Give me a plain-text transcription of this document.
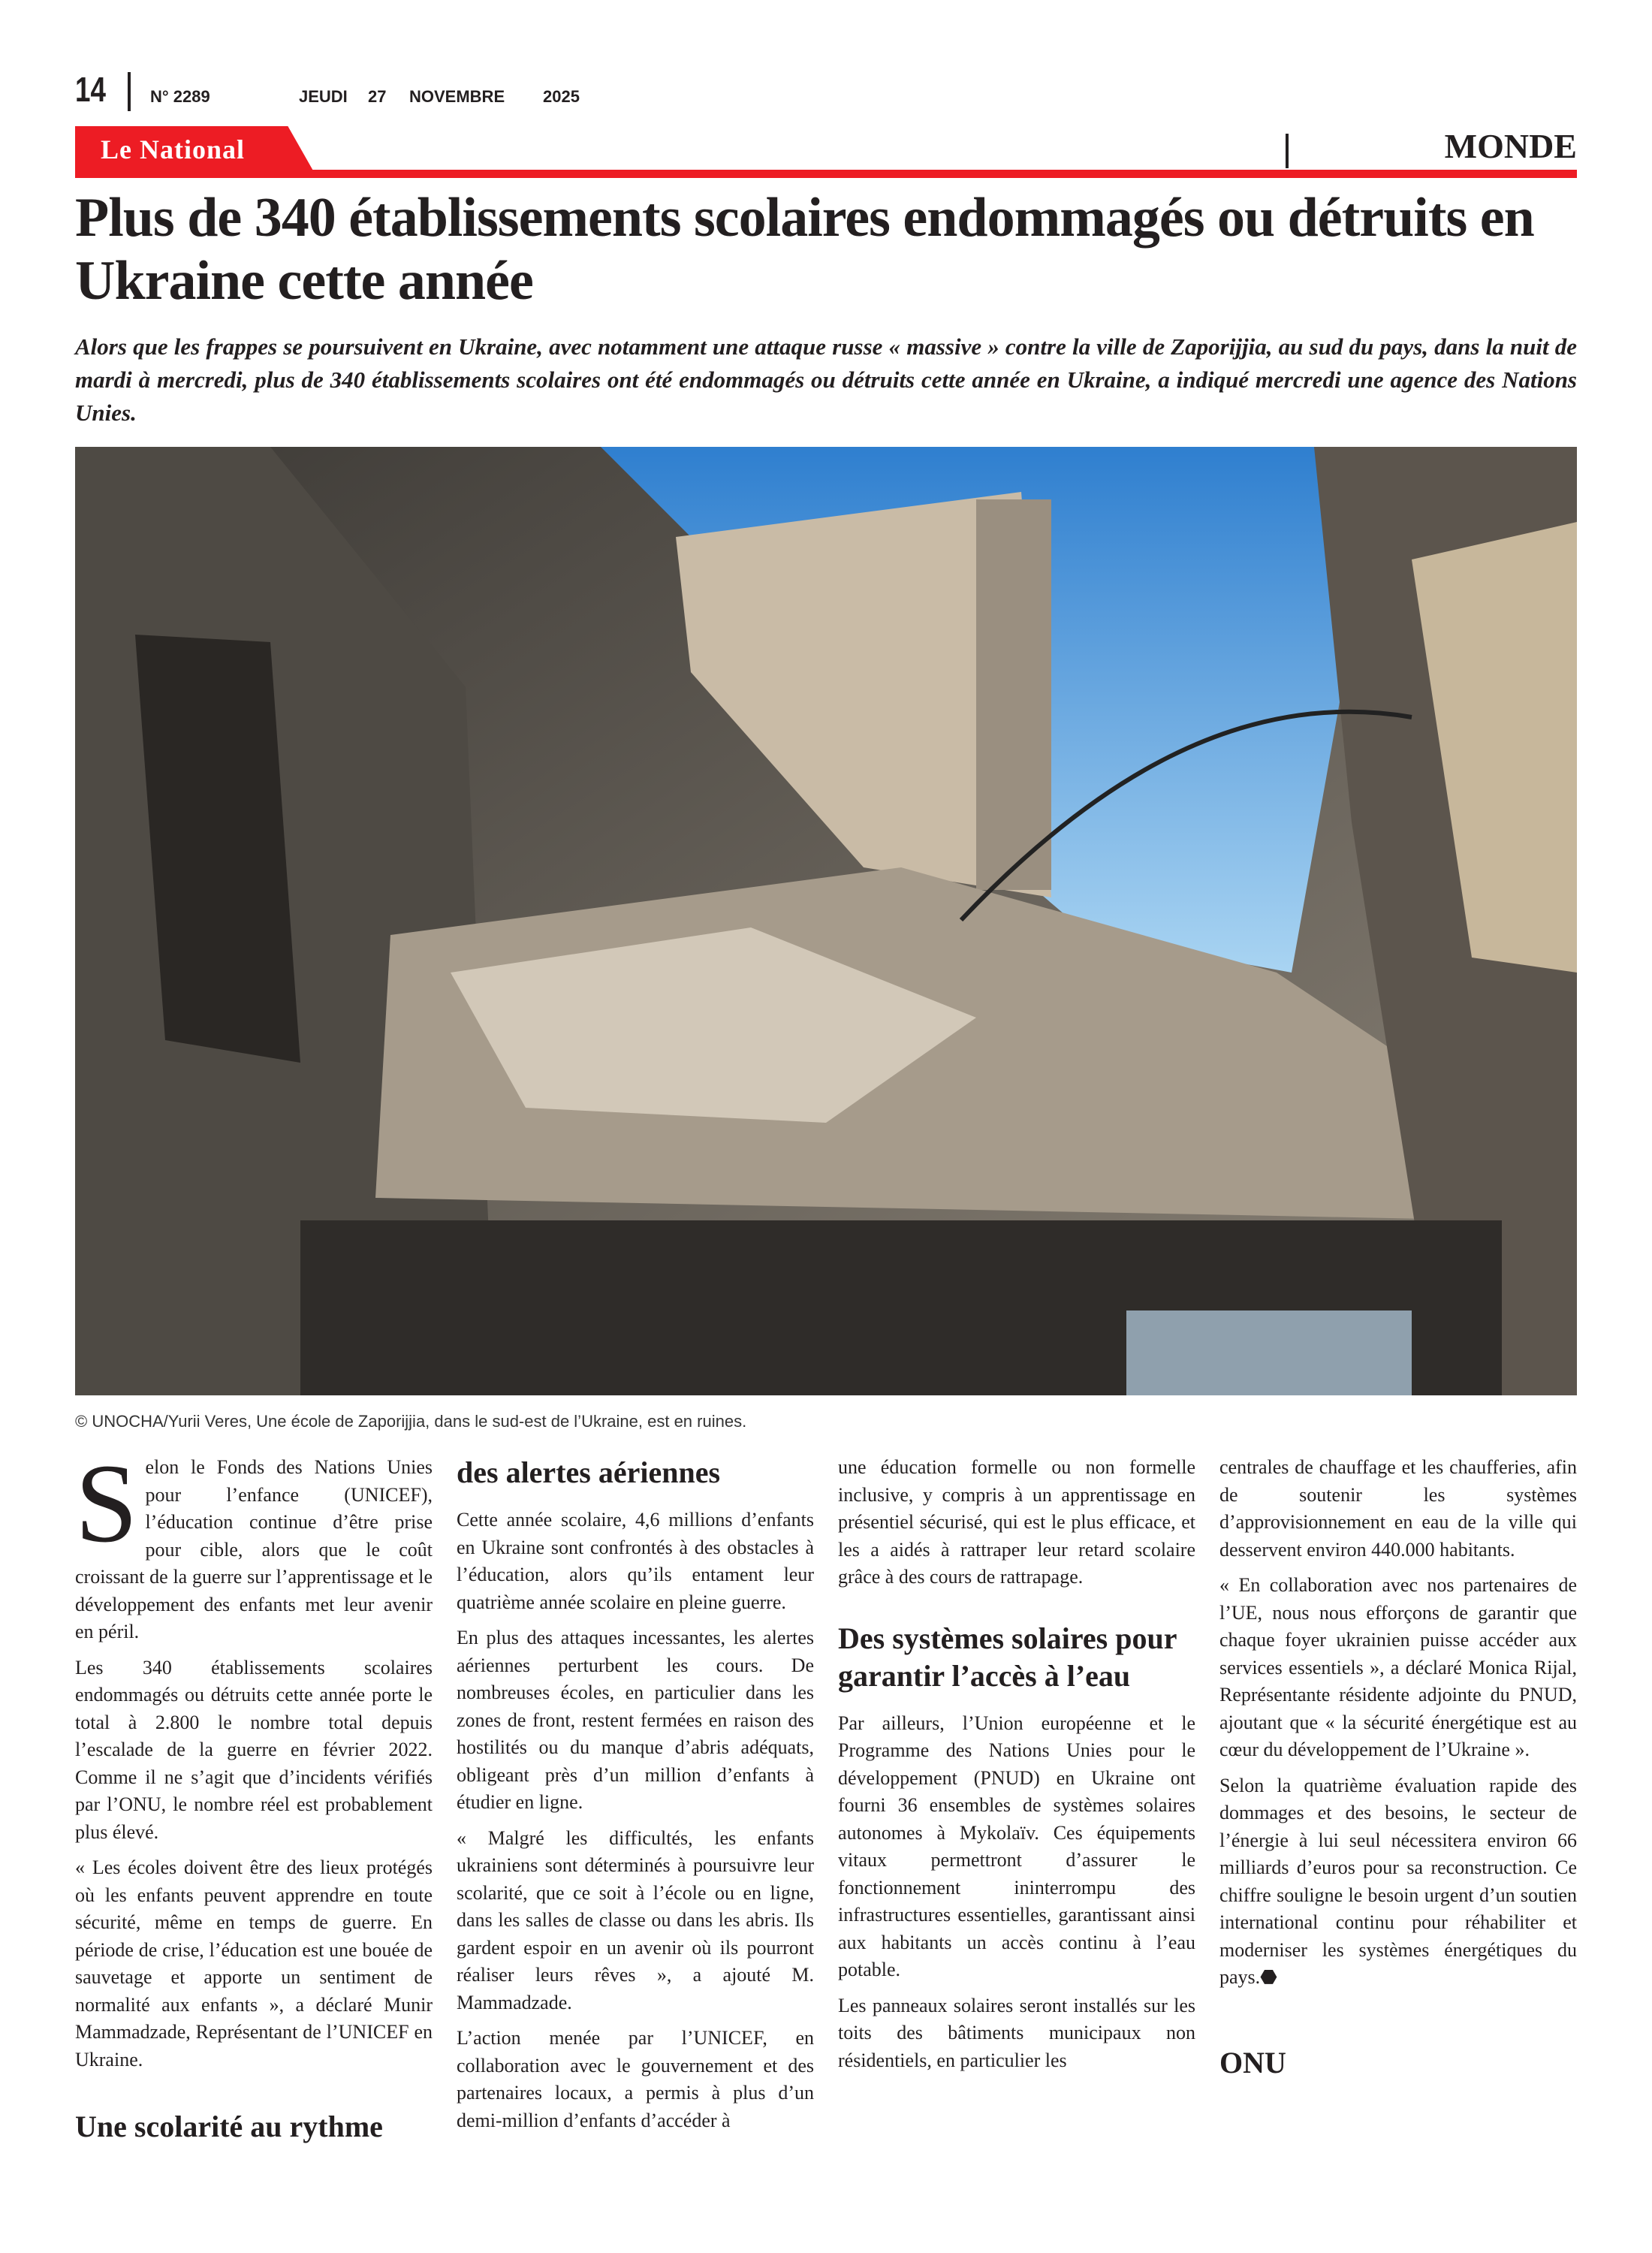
14	N° 2289	JEUDI 27 NOVEMBRE 2025
Le National	MONDE
Plus de 340 établissements scolaires endommagés ou détruits en Ukraine cette année

Alors que les frappes se poursuivent en Ukraine, avec notamment une attaque russe « massive » contre la ville de Zaporijjia, au sud du pays, dans la nuit de mardi à mercredi, plus de 340 établissements scolaires ont été endommagés ou détruits cette année en Ukraine, a indiqué mercredi une agence des Nations Unies.

© UNOCHA/Yurii Veres, Une école de Zaporijjia, dans le sud-est de l’Ukraine, est en ruines.

Selon le Fonds des Nations Unies pour l’enfance (UNICEF), l’éducation continue d’être prise pour cible, alors que le coût croissant de la guerre sur l’apprentissage et le développement des enfants met leur avenir en péril.

Les 340 établissements scolaires endommagés ou détruits cette année porte le total à 2.800 le nombre total depuis l’escalade de la guerre en février 2022. Comme il ne s’agit que d’incidents vérifiés par l’ONU, le nombre réel est probablement plus élevé.

« Les écoles doivent être des lieux protégés où les enfants peuvent apprendre en toute sécurité, même en temps de guerre. En période de crise, l’éducation est une bouée de sauvetage et apporte un sentiment de normalité aux enfants », a déclaré Munir Mammadzade, Représentant de l’UNICEF en Ukraine.

Une scolarité au rythme
des alertes aériennes

Cette année scolaire, 4,6 millions d’enfants en Ukraine sont confrontés à des obstacles à l’éducation, alors qu’ils entament leur quatrième année scolaire en pleine guerre.

En plus des attaques incessantes, les alertes aériennes perturbent les cours. De nombreuses écoles, en particulier dans les zones de front, restent fermées en raison des hostilités ou du manque d’abris adéquats, obligeant près d’un million d’enfants à étudier en ligne.

« Malgré les difficultés, les enfants ukrainiens sont déterminés à poursuivre leur scolarité, que ce soit à l’école ou en ligne, dans les salles de classe ou dans les abris. Ils gardent espoir en un avenir où ils pourront réaliser leurs rêves », a ajouté M. Mammadzade.

L’action menée par l’UNICEF, en collaboration avec le gouvernement et des partenaires locaux, a permis à plus d’un demi-million d’enfants d’accéder à

une éducation formelle ou non formelle inclusive, y compris à un apprentissage en présentiel sécurisé, qui est le plus efficace, et les a aidés à rattraper leur retard scolaire grâce à des cours de rattrapage.

Des systèmes solaires pour garantir l’accès à l’eau

Par ailleurs, l’Union européenne et le Programme des Nations Unies pour le développement (PNUD) en Ukraine ont fourni 36 ensembles de systèmes solaires autonomes à Mykolaïv. Ces équipements vitaux permettront d’assurer le fonctionnement ininterrompu des infrastructures essentielles, garantissant ainsi aux habitants un accès continu à l’eau potable.

Les panneaux solaires seront installés sur les toits des bâtiments municipaux non résidentiels, en particulier les

centrales de chauffage et les chaufferies, afin de soutenir les systèmes d’approvisionnement en eau de la ville qui desservent environ 440.000 habitants.

« En collaboration avec nos partenaires de l’UE, nous nous efforçons de garantir que chaque foyer ukrainien puisse accéder aux services essentiels », a déclaré Monica Rijal, Représentante résidente adjointe du PNUD, ajoutant que « la sécurité énergétique est au cœur du développement de l’Ukraine ».

Selon la quatrième évaluation rapide des dommages et des besoins, le secteur de l’énergie à lui seul nécessitera environ 66 milliards d’euros pour sa reconstruction. Ce chiffre souligne le besoin urgent d’un soutien international continu pour réhabiliter et moderniser les systèmes énergétiques du pays.⬣

ONU
